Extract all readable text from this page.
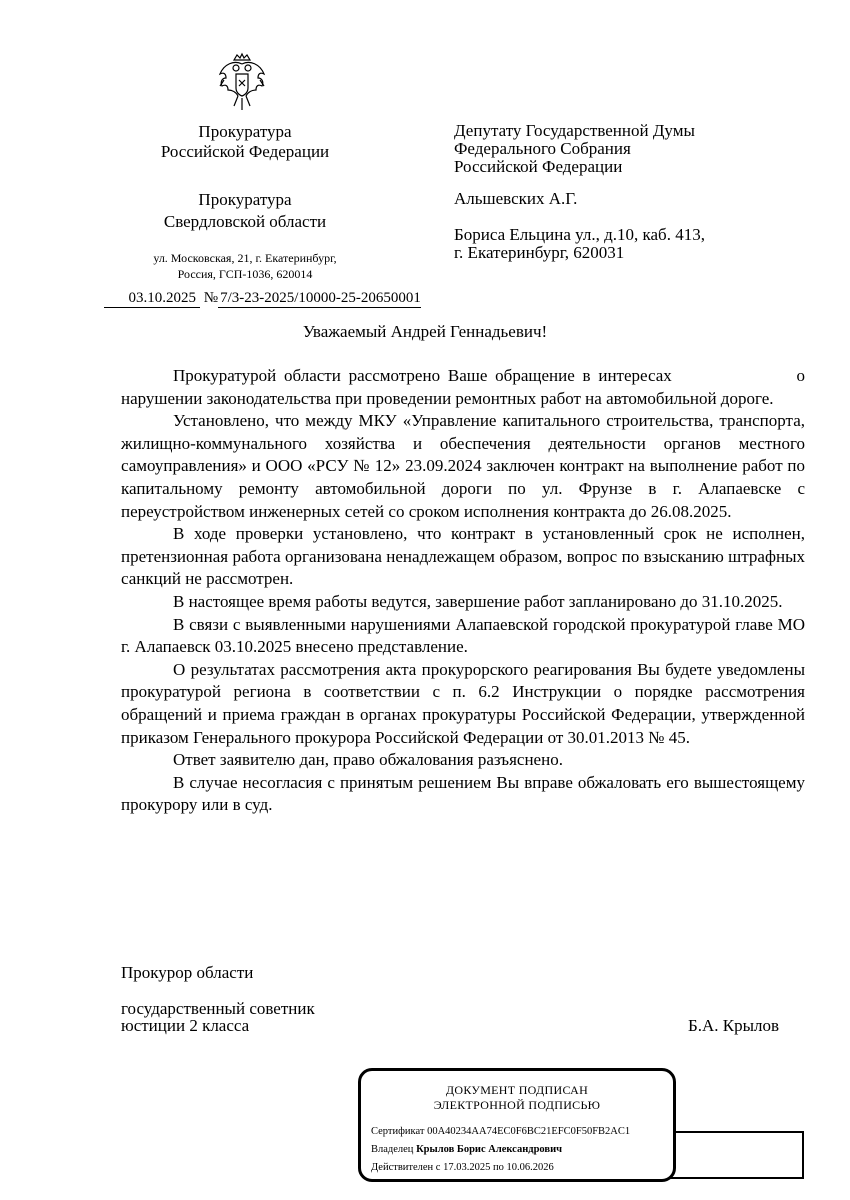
Прокуратура
Российской Федерации
Прокуратура
Свердловской области
ул. Московская, 21, г. Екатеринбург,
Россия, ГСП-1036, 620014
03.10.2025 № 7/3-23-2025/10000-25-20650001
Депутату Государственной Думы
Федерального Собрания
Российской Федерации
Альшевских А.Г.
Бориса Ельцина ул., д.10, каб. 413,
г. Екатеринбург, 620031
Уважаемый Андрей Геннадьевич!

Прокуратурой области рассмотрено Ваше обращение в интересах                о нарушении законодательства при проведении ремонтных работ на автомобильной дороге.

Установлено, что между МКУ «Управление капитального строительства, транспорта, жилищно-коммунального хозяйства и обеспечения деятельности органов местного самоуправления» и ООО «РСУ № 12» 23.09.2024 заключен контракт на выполнение работ по капитальному ремонту автомобильной дороги по ул. Фрунзе в г. Алапаевске с переустройством инженерных сетей со сроком исполнения контракта до 26.08.2025.

В ходе проверки установлено, что контракт в установленный срок не исполнен, претензионная работа организована ненадлежащем образом, вопрос по взысканию штрафных санкций не рассмотрен.

В настоящее время работы ведутся, завершение работ запланировано до 31.10.2025.

В связи с выявленными нарушениями Алапаевской городской прокуратурой главе МО г. Алапаевск 03.10.2025 внесено представление.

О результатах рассмотрения акта прокурорского реагирования Вы будете уведомлены прокуратурой региона в соответствии с п. 6.2 Инструкции о порядке рассмотрения обращений и приема граждан в органах прокуратуры Российской Федерации, утвержденной приказом Генерального прокурора Российской Федерации от 30.01.2013 № 45.

Ответ заявителю дан, право обжалования разъяснено.

В случае несогласия с принятым решением Вы вправе обжаловать его вышестоящему прокурору или в суд.

Прокурор области
государственный советник
юстиции 2 класса	Б.А. Крылов
ДОКУМЕНТ ПОДПИСАН
ЭЛЕКТРОННОЙ ПОДПИСЬЮ
Сертификат 00A40234AA74EC0F6BC21EFC0F50FB2AC1
Владелец Крылов Борис Александрович
Действителен с 17.03.2025 по 10.06.2026
